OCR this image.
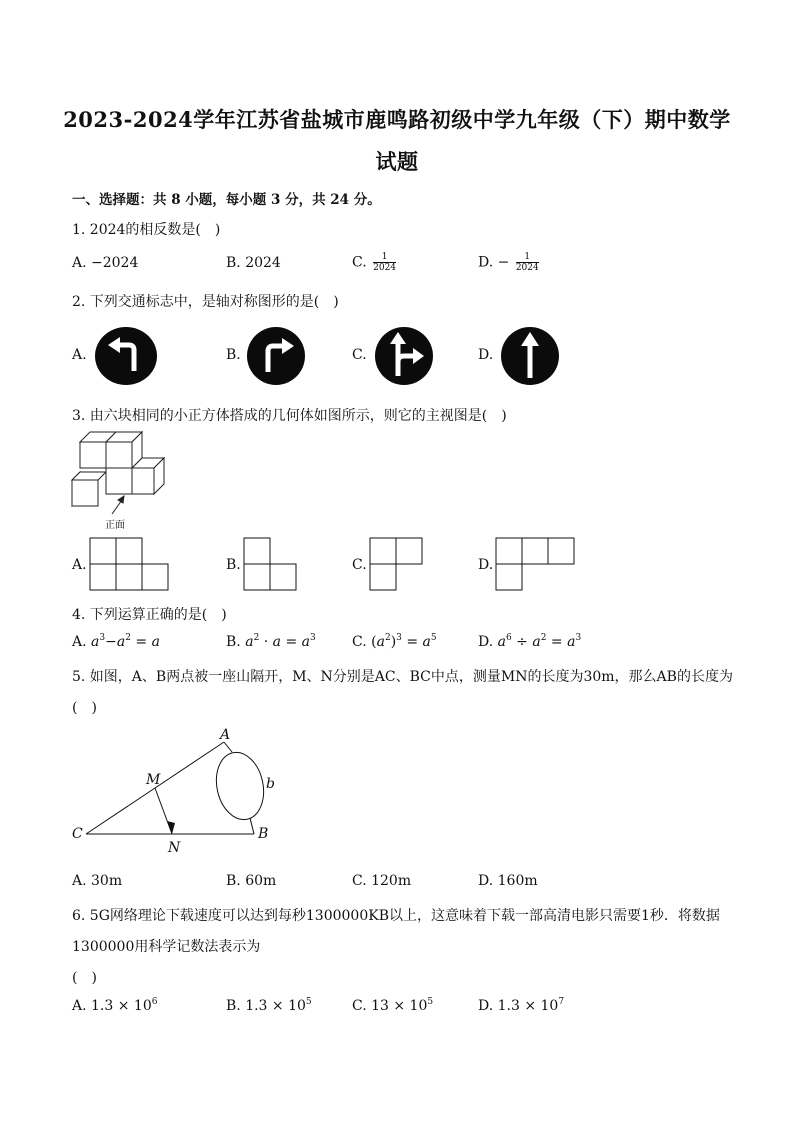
2023-2024学年江苏省盐城市鹿鸣路初级中学九年级（下）期中数学
试题
一、选择题：共 8 小题，每小题 3 分，共 24 分。
1. 2024的相反数是(　)
A. −2024	B. 2024	C. $\frac{1}{2024}$	D. − $\frac{1}{2024}$
2. 下列交通标志中，是轴对称图形的是(　)
A.	B.	C.	D.
3. 由六块相同的小正方体搭成的几何体如图所示，则它的主视图是(　)
正面
A.	B.	C.	D.
4. 下列运算正确的是(　)
A. $a^3-a^2 = a$	B. $a^2 \cdot a = a^3$	C. $(a^2)^3 = a^5$	D. $a^6 \div a^2 = a^3$
5. 如图，A、B两点被一座山隔开，M、N分别是AC、BC中点，测量MN的长度为30m，那么AB的长度为
(　)
A
M	b
C	B
N
A. 30m	B. 60m	C. 120m	D. 160m
6. 5G网络理论下载速度可以达到每秒1300000KB以上，这意味着下载一部高清电影只需要1秒．将数据
1300000用科学记数法表示为
(　)
A. $1.3 \times 10^6$	B. $1.3 \times 10^5$	C. $13 \times 10^5$	D. $1.3 \times 10^7$
